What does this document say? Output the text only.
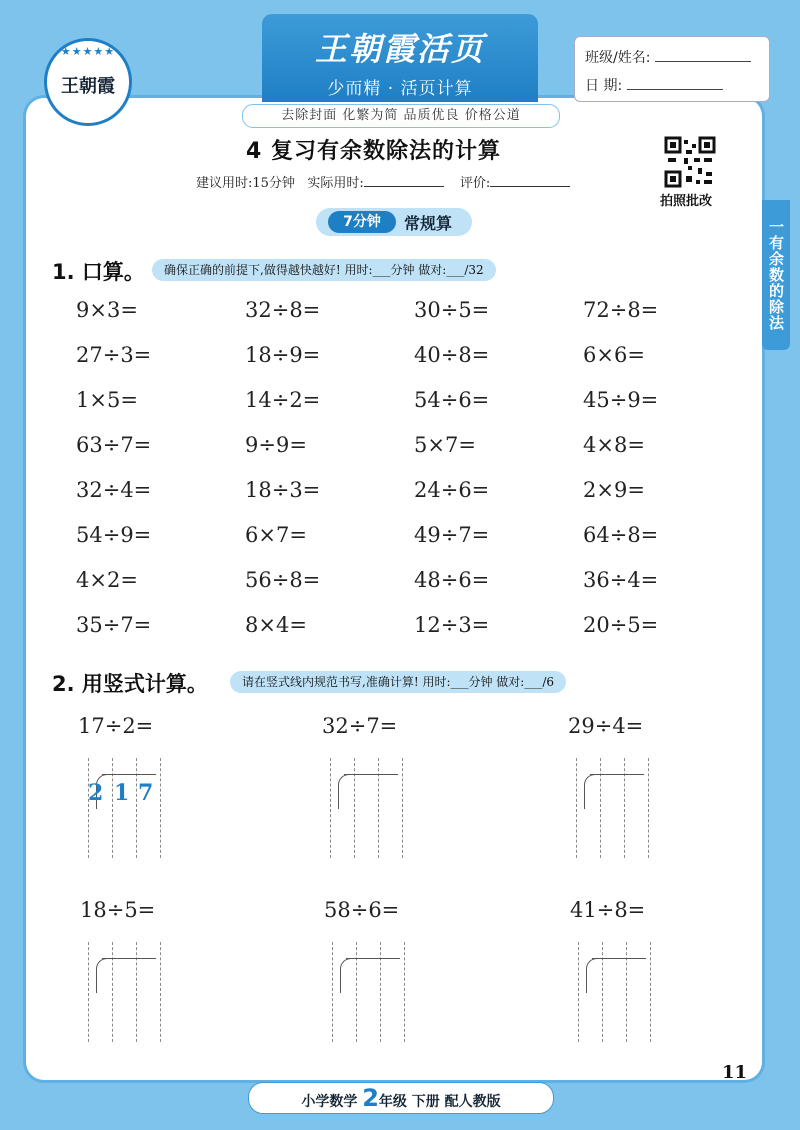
★★★★★
王朝霞
王朝霞活页
少而精 · 活页计算
去除封面 化繁为简 品质优良 价格公道
班级/姓名:
日 期:
4 复习有余数除法的计算
建议用时:15分钟 实际用时:	评价:
拍照批改
7分钟	常规算	一有余数的除法
1. 口算。	确保正确的前提下,做得越快越好! 用时:___分钟 做对:___/32
9×3=	32÷8=	30÷5=	72÷8=
27÷3=	18÷9=	40÷8=	6×6=
1×5=	14÷2=	54÷6=	45÷9=
63÷7=	9÷9=	5×7=	4×8=
32÷4=	18÷3=	24÷6=	2×9=
54÷9=	6×7=	49÷7=	64÷8=
4×2=	56÷8=	48÷6=	36÷4=
35÷7=	8×4=	12÷3=	20÷5=
2. 用竖式计算。	请在竖式线内规范书写,准确计算! 用时:___分钟 做对:___/6
17÷2=	32÷7=	29÷4=
18÷5=	58÷6=	41÷8=
2 1 7
11
小学数学 2年级 下册 配人教版
